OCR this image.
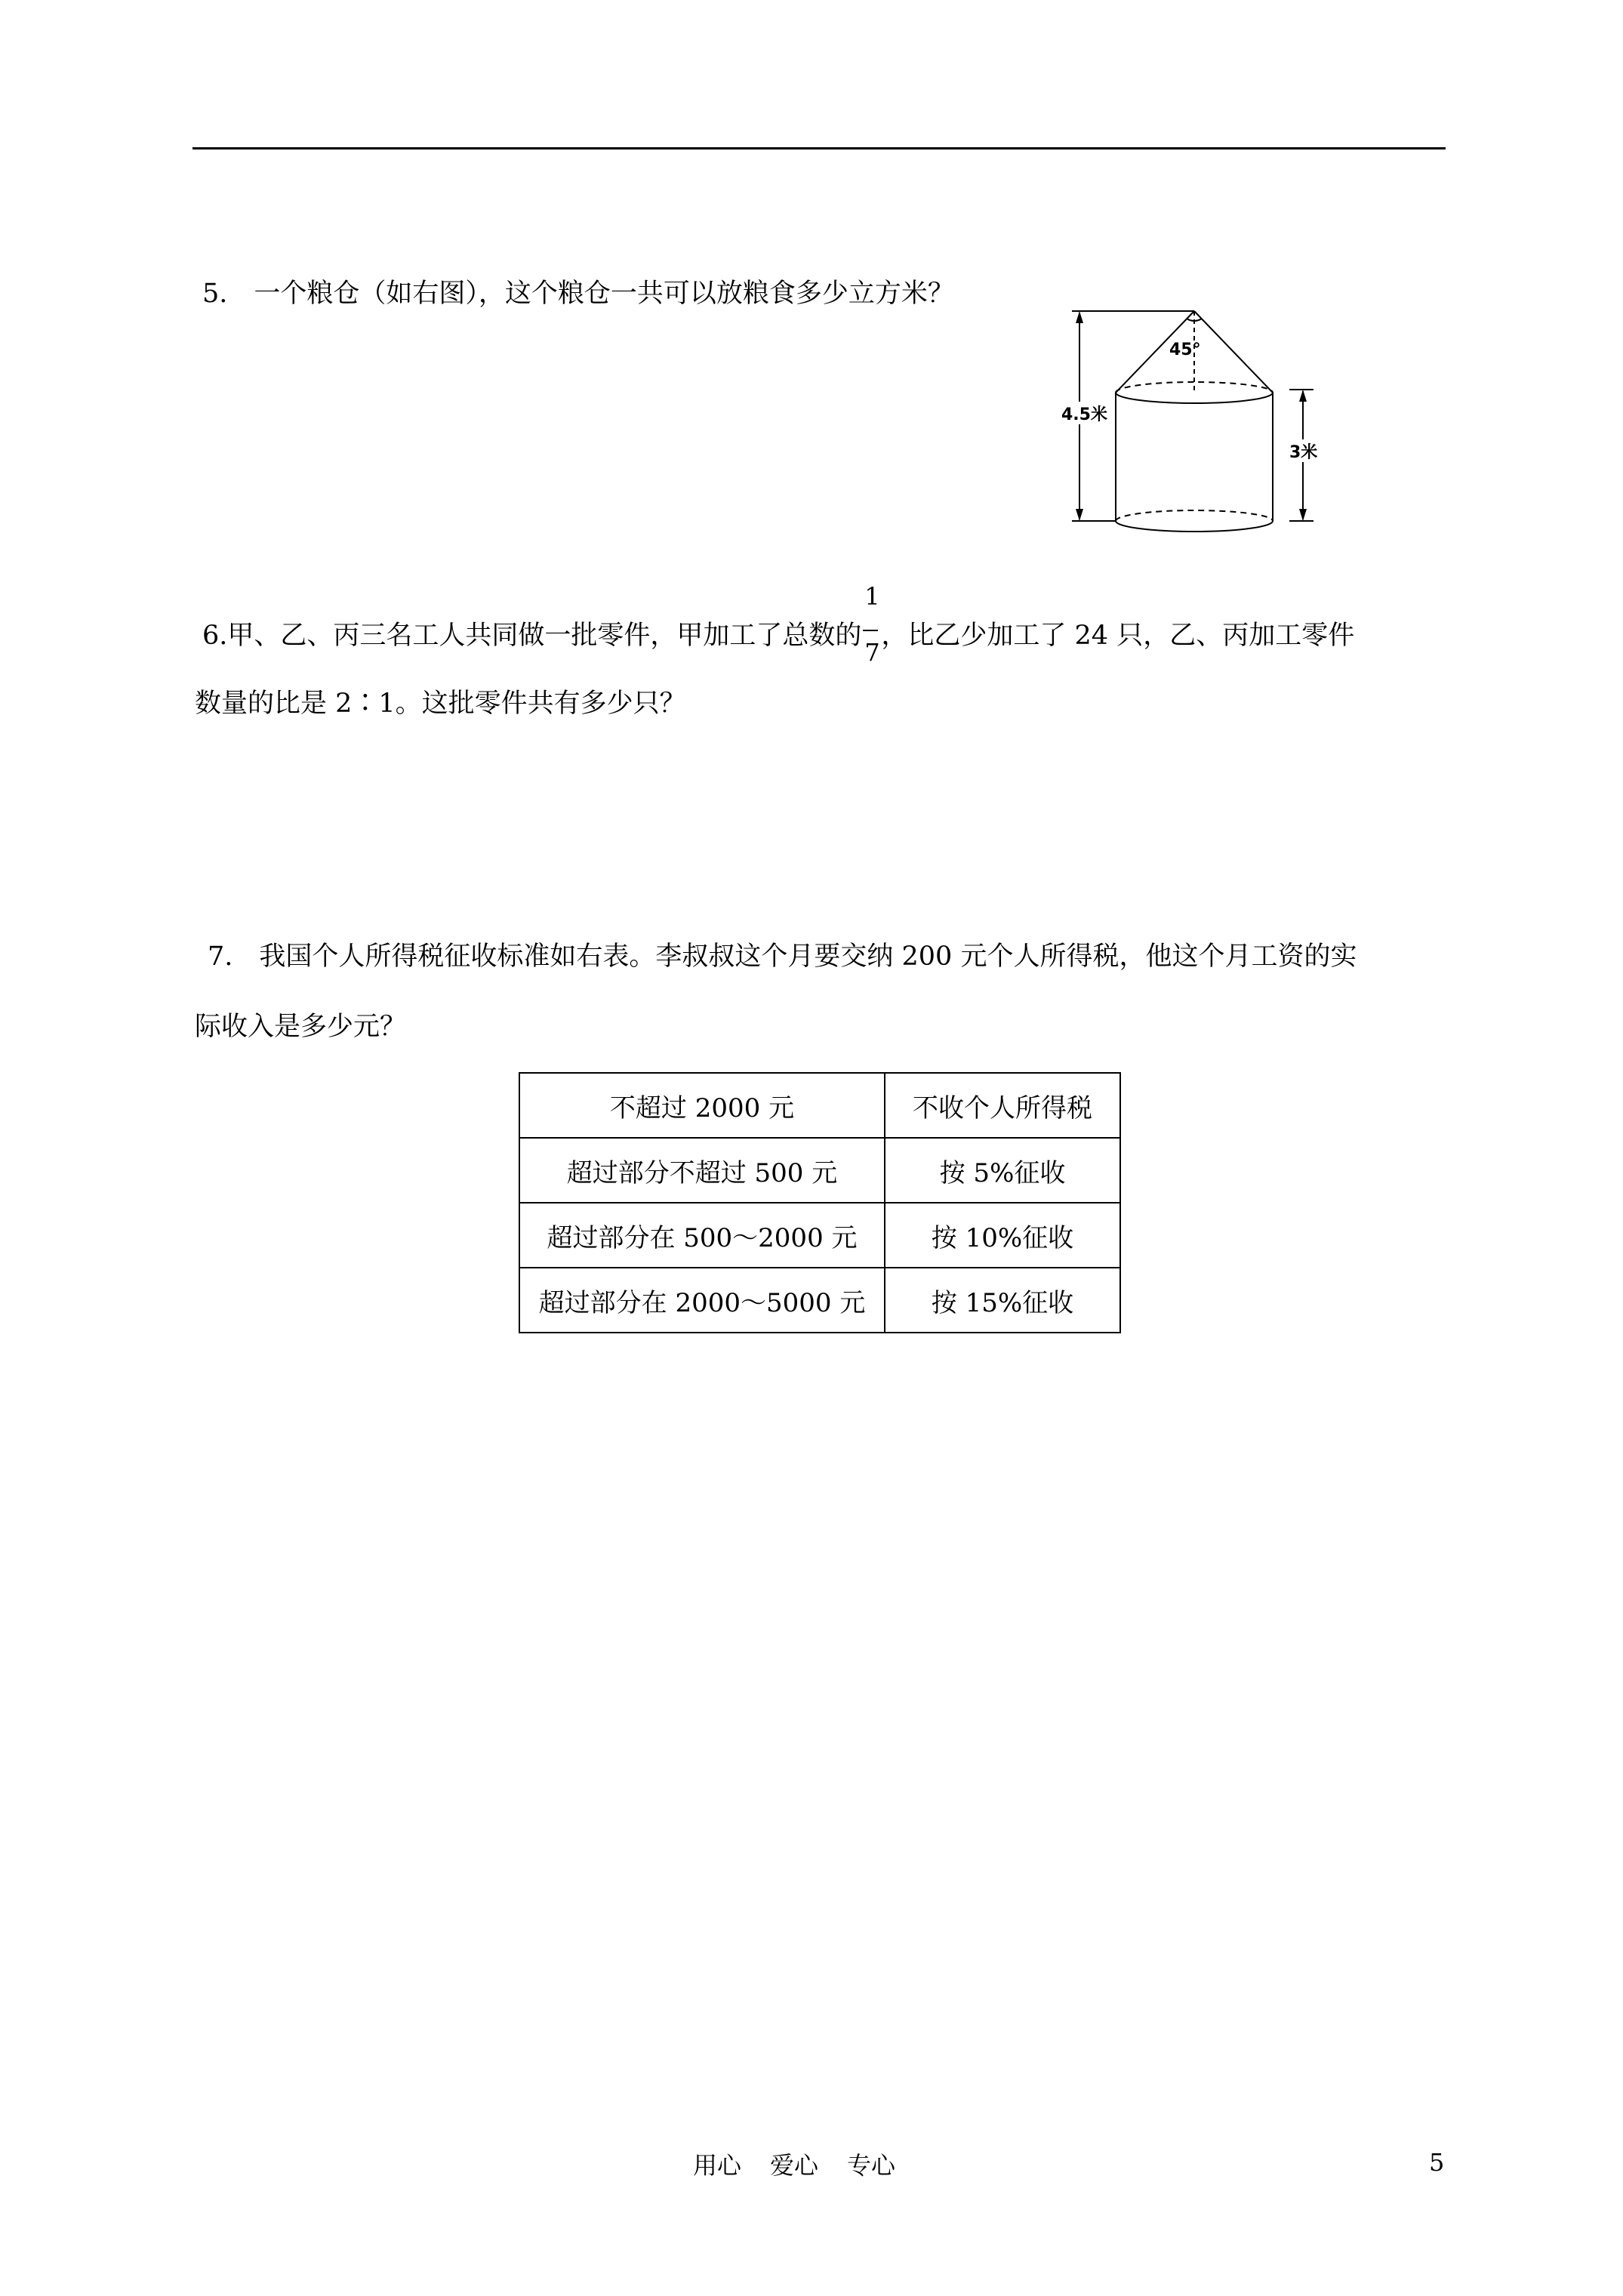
5.　一个粮仓（如右图），这个粮仓一共可以放粮食多少立方米？
4.5米
45°
3米
6.甲、乙、丙三名工人共同做一批零件，甲加工了总数的 $\frac{1}{7}$ ，比乙少加工了 24 只，乙、丙加工零件
数量的比是 2∶1。这批零件共有多少只？
7.　我国个人所得税征收标准如右表。李叔叔这个月要交纳 200 元个人所得税，他这个月工资的实
际收入是多少元？
不超过 2000 元	不收个人所得税
超过部分不超过 500 元	按 5%征收
超过部分在 500～2000 元	按 10%征收
超过部分在 2000～5000 元	按 15%征收
用心 爱心 专心	5
